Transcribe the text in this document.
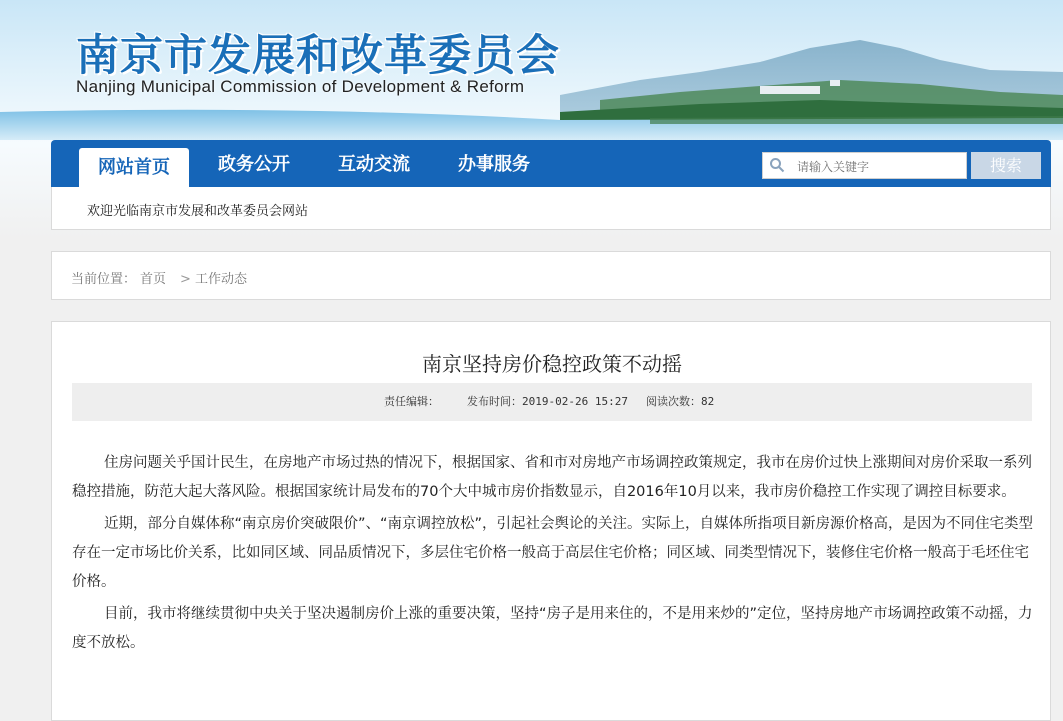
南京市发展和改革委员会
Nanjing Municipal Commission of Development & Reform
网站首页	政务公开	互动交流	办事服务
请输入关键字	搜索
欢迎光临南京市发展和改革委员会网站
当前位置： 首页 > 工作动态
南京坚持房价稳控政策不动摇
责任编辑：	发布时间：2019-02-26 15:27 阅读次数：82

住房问题关乎国计民生，在房地产市场过热的情况下，根据国家、省和市对房地产市场调控政策规定，我市在房价过快上涨期间对房价采取一系列稳控措施，防范大起大落风险。根据国家统计局发布的70个大中城市房价指数显示，自2016年10月以来，我市房价稳控工作实现了调控目标要求。

近期，部分自媒体称“南京房价突破限价”、“南京调控放松”，引起社会舆论的关注。实际上，自媒体所指项目新房源价格高，是因为不同住宅类型存在一定市场比价关系，比如同区域、同品质情况下，多层住宅价格一般高于高层住宅价格；同区域、同类型情况下，装修住宅价格一般高于毛坯住宅价格。

目前，我市将继续贯彻中央关于坚决遏制房价上涨的重要决策，坚持“房子是用来住的，不是用来炒的”定位，坚持房地产市场调控政策不动摇，力度不放松。
